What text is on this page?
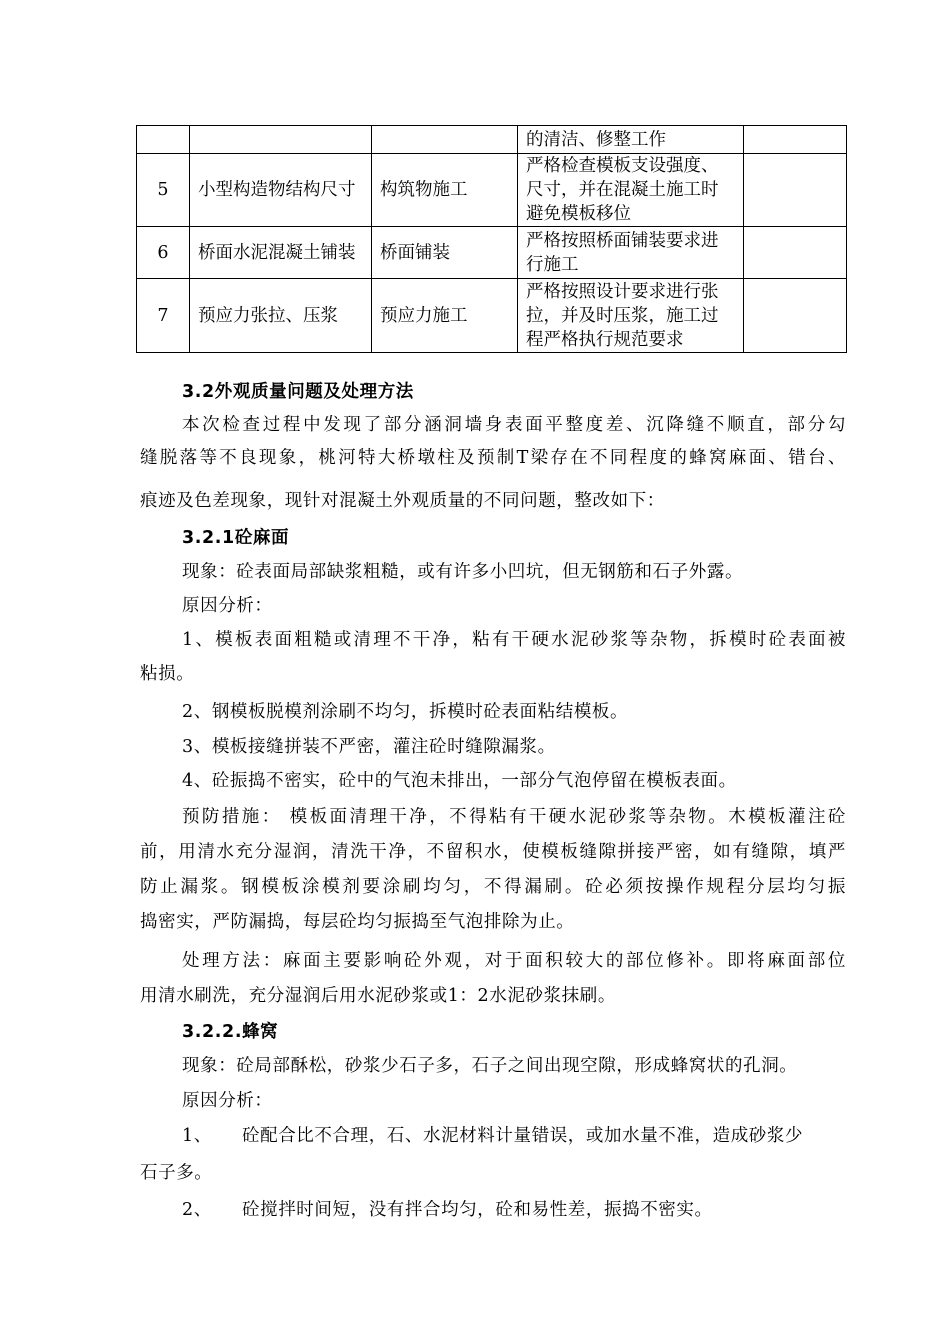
			的清洁、修整工作	
5	小型构造物结构尺寸	构筑物施工	严格检查模板支设强度、尺寸，并在混凝土施工时避免模板移位	
6	桥面水泥混凝土铺装	桥面铺装	严格按照桥面铺装要求进行施工	
7	预应力张拉、压浆	预应力施工	严格按照设计要求进行张拉，并及时压浆，施工过程严格执行规范要求	
3.2外观质量问题及处理方法
本次检查过程中发现了部分涵洞墙身表面平整度差、沉降缝不顺直，部分勾
缝脱落等不良现象，桃河特大桥墩柱及预制T梁存在不同程度的蜂窝麻面、错台、
痕迹及色差现象，现针对混凝土外观质量的不同问题，整改如下：
3.2.1砼麻面
现象：砼表面局部缺浆粗糙，或有许多小凹坑，但无钢筋和石子外露。
原因分析：
1、模板表面粗糙或清理不干净，粘有干硬水泥砂浆等杂物，拆模时砼表面被
粘损。
2、钢模板脱模剂涂刷不均匀，拆模时砼表面粘结模板。
3、模板接缝拼装不严密，灌注砼时缝隙漏浆。
4、砼振捣不密实，砼中的气泡未排出，一部分气泡停留在模板表面。
预防措施： 模板面清理干净，不得粘有干硬水泥砂浆等杂物。木模板灌注砼
前，用清水充分湿润，清洗干净，不留积水，使模板缝隙拼接严密，如有缝隙，填严
防止漏浆。钢模板涂模剂要涂刷均匀，不得漏刷。砼必须按操作规程分层均匀振
捣密实，严防漏捣，每层砼均匀振捣至气泡排除为止。
处理方法：麻面主要影响砼外观，对于面积较大的部位修补。即将麻面部位
用清水刷洗，充分湿润后用水泥砂浆或1：2水泥砂浆抹刷。
3.2.2.蜂窝
现象：砼局部酥松，砂浆少石子多，石子之间出现空隙，形成蜂窝状的孔洞。
原因分析：
1、 砼配合比不合理，石、水泥材料计量错误，或加水量不准，造成砂浆少
石子多。
2、 砼搅拌时间短，没有拌合均匀，砼和易性差，振捣不密实。
